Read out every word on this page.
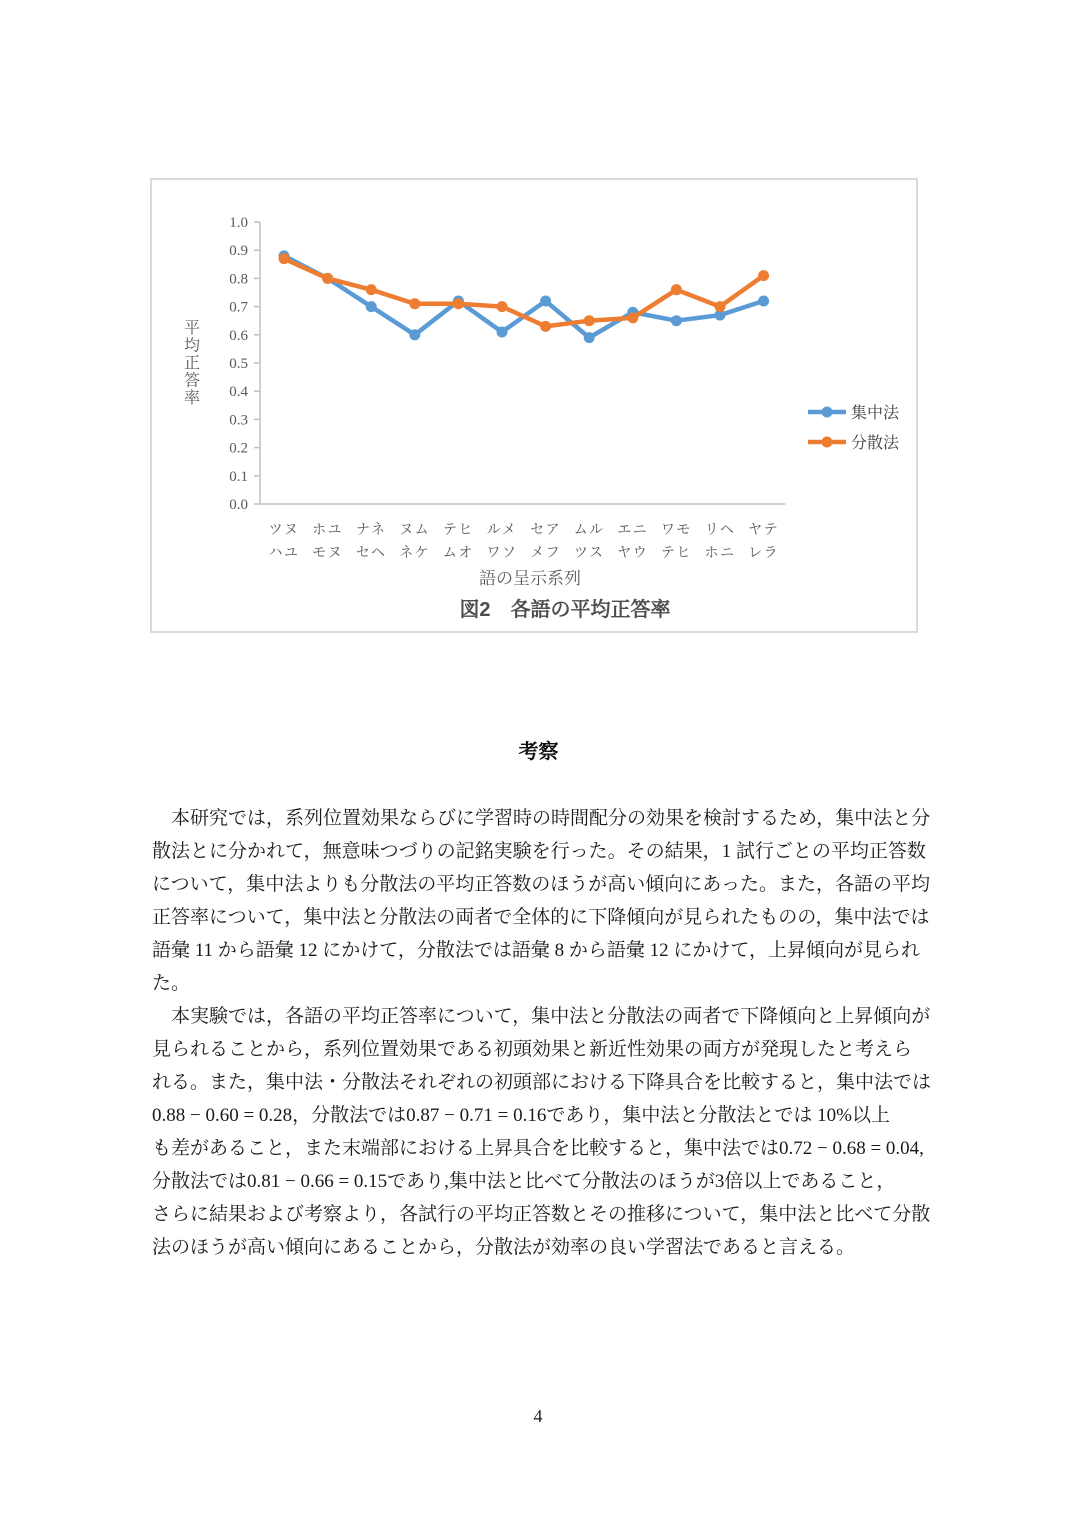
0.0
0.1
0.2
0.3
0.4
0.5
0.6
0.7
0.8
0.9
1.0
ツヌ
ハユ
ホユ
モヌ
ナネ
セヘ
ヌム
ネケ
テヒ
ムオ
ルメ
ワソ
セア
メフ
ムル
ツス
エニ
ヤウ
ワモ
テヒ
リヘ
ホニ
ヤテ
レラ
平
均
正
答
率
語の呈示系列
図2　各語の平均正答率
集中法
分散法
考察
本研究では，系列位置効果ならびに学習時の時間配分の効果を検討するため，集中法と分
散法とに分かれて，無意味つづりの記銘実験を行った。その結果，1 試行ごとの平均正答数
について，集中法よりも分散法の平均正答数のほうが高い傾向にあった。また，各語の平均
正答率について，集中法と分散法の両者で全体的に下降傾向が見られたものの，集中法では
語彙 11 から語彙 12 にかけて，分散法では語彙 8 から語彙 12 にかけて，上昇傾向が見られ
た。
本実験では，各語の平均正答率について，集中法と分散法の両者で下降傾向と上昇傾向が
見られることから，系列位置効果である初頭効果と新近性効果の両方が発現したと考えら
れる。また，集中法・分散法それぞれの初頭部における下降具合を比較すると，集中法では
0.88 − 0.60 = 0.28，分散法では0.87 − 0.71 = 0.16であり，集中法と分散法とでは 10%以上
も差があること，また末端部における上昇具合を比較すると，集中法では0.72 − 0.68 = 0.04,
分散法では0.81 − 0.66 = 0.15であり,集中法と比べて分散法のほうが3倍以上であること，
さらに結果および考察より，各試行の平均正答数とその推移について，集中法と比べて分散
法のほうが高い傾向にあることから，分散法が効率の良い学習法であると言える。
4
